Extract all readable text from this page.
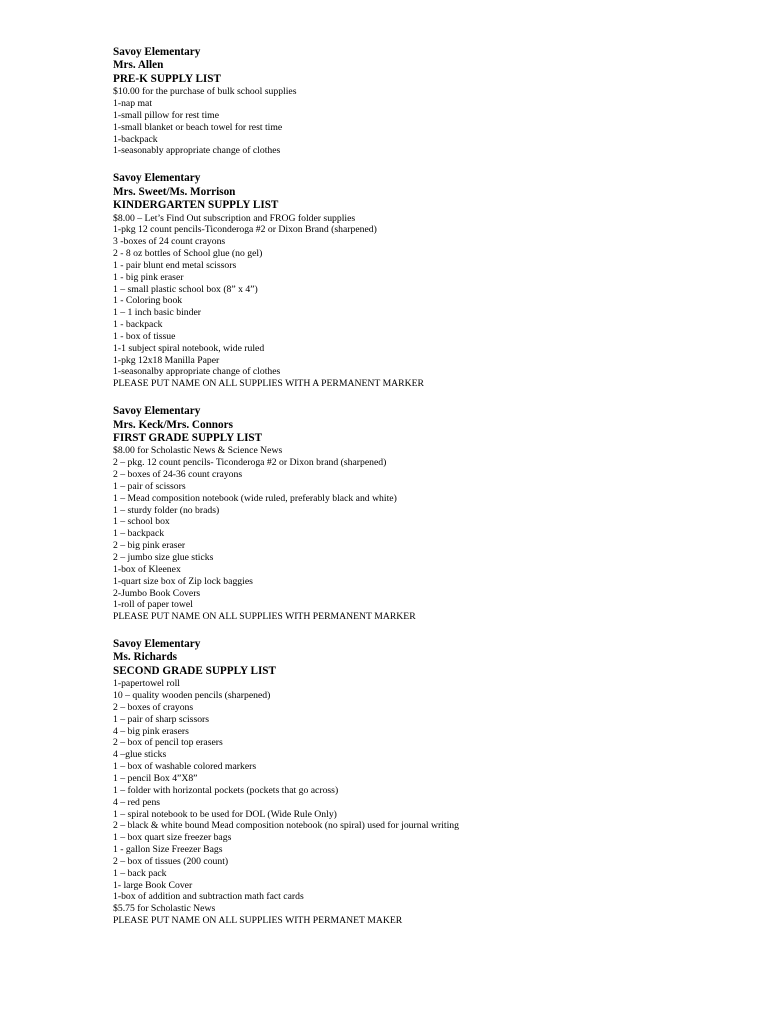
Savoy Elementary
Mrs. Allen
PRE-K SUPPLY LIST
$10.00 for the purchase of bulk school supplies
1-nap mat
1-small pillow for rest time
1-small blanket or beach towel for rest time
1-backpack
1-seasonably appropriate change of clothes
Savoy Elementary
Mrs. Sweet/Ms. Morrison
KINDERGARTEN SUPPLY LIST
$8.00 – Let’s Find Out subscription and FROG folder supplies
1-pkg 12 count pencils-Ticonderoga #2 or Dixon Brand (sharpened)
3 -boxes of 24 count crayons
2 - 8 oz bottles of School glue (no gel)
1 - pair blunt end metal scissors
1 - big pink eraser
1 – small plastic school box (8” x 4”)
1 - Coloring book
1 – 1 inch basic binder
1 - backpack
1 - box of tissue
1-1 subject spiral notebook, wide ruled
1-pkg 12x18 Manilla Paper
1-seasonalby appropriate change of clothes
PLEASE PUT NAME ON ALL SUPPLIES WITH A PERMANENT MARKER
Savoy Elementary
Mrs. Keck/Mrs. Connors
FIRST GRADE SUPPLY LIST
$8.00 for Scholastic News & Science News
2 – pkg. 12 count pencils- Ticonderoga #2 or Dixon brand (sharpened)
2 – boxes of 24-36 count crayons
1 – pair of scissors
1 – Mead composition notebook (wide ruled, preferably black and white)
1 – sturdy folder (no brads)
1 – school box
1 – backpack
2 – big pink eraser
2 – jumbo size glue sticks
1-box of Kleenex
1-quart size box of Zip lock baggies
2-Jumbo Book Covers
1-roll of paper towel
PLEASE PUT NAME ON ALL SUPPLIES WITH PERMANENT MARKER
Savoy Elementary
Ms. Richards
SECOND GRADE SUPPLY LIST
1-papertowel roll
10 – quality wooden pencils (sharpened)
2 – boxes of crayons
1 – pair of sharp scissors
4 – big pink erasers
2 – box of pencil top erasers
4 –glue sticks
1 – box of washable colored markers
1 – pencil Box 4”X8”
1 – folder with horizontal pockets (pockets that go across)
4 – red pens
1 – spiral notebook to be used for DOL (Wide Rule Only)
2 – black & white bound Mead composition notebook (no spiral) used for journal writing
1 – box quart size freezer bags
1 - gallon Size Freezer Bags
2 – box of tissues (200 count)
1 – back pack
1- large Book Cover
1-box of addition and subtraction math fact cards
$5.75 for Scholastic News
PLEASE PUT NAME ON ALL SUPPLIES WITH PERMANET MAKER
